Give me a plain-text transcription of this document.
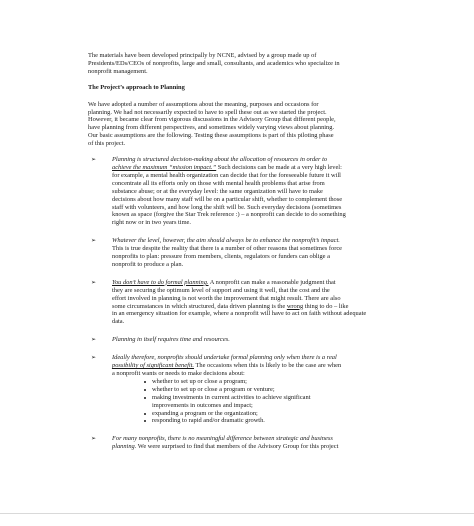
The materials have been developed principally by NCNE, advised by a group made up of
Presidents/EDs/CEOs of nonprofits, large and small, consultants, and academics who specialize in
nonprofit management.

The Project’s approach to Planning

We have adopted a number of assumptions about the meaning, purposes and occasions for
planning. We had not necessarily expected to have to spell these out as we started the project.
However, it became clear from vigorous discussions in the Advisory Group that different people,
have planning from different perspectives, and sometimes widely varying views about planning.
Our basic assumptions are the following. Testing these assumptions is part of this piloting phase
of this project.

➢ Planning is structured decision-making about the allocation of resources in order to
achieve the maximum “mission impact.” Such decisions can be made at a very high level:
for example, a mental health organization can decide that for the foreseeable future it will
concentrate all its efforts only on those with mental health problems that arise from
substance abuse; or at the everyday level: the same organization will have to make
decisions about how many staff will be on a particular shift, whether to complement those
staff with volunteers, and how long the shift will be. Such everyday decisions (sometimes
known as space (forgive the Star Trek reference :) – a nonprofit can decide to do something
right now or in two years time.
➢ Whatever the level, however, the aim should always be to enhance the nonprofit’s impact.
This is true despite the reality that there is a number of other reasons that sometimes force
nonprofits to plan: pressure from members, clients, regulators or funders can oblige a
nonprofit to produce a plan.
➢ You don’t have to do formal planning. A nonprofit can make a reasonable judgment that
they are securing the optimum level of support and using it well, that the cost and the
effort involved in planning is not worth the improvement that might result. There are also
some circumstances in which structured, data driven planning is the wrong thing to do – like
in an emergency situation for example, where a nonprofit will have to act on faith without adequate
data.
➢ Planning in itself requires time and resources.
➢ Ideally therefore, nonprofits should undertake formal planning only when there is a real
possibility of significant benefit. The occasions when this is likely to be the case are when
a nonprofit wants or needs to make decisions about:
whether to set up or close a program;
whether to set up or close a program or venture;
making investments in current activities to achieve significant
improvements in outcomes and impact;
expanding a program or the organization;
responding to rapid and/or dramatic growth.
➢ For many nonprofits, there is no meaningful difference between strategic and business
planning. We were surprised to find that members of the Advisory Group for this project
